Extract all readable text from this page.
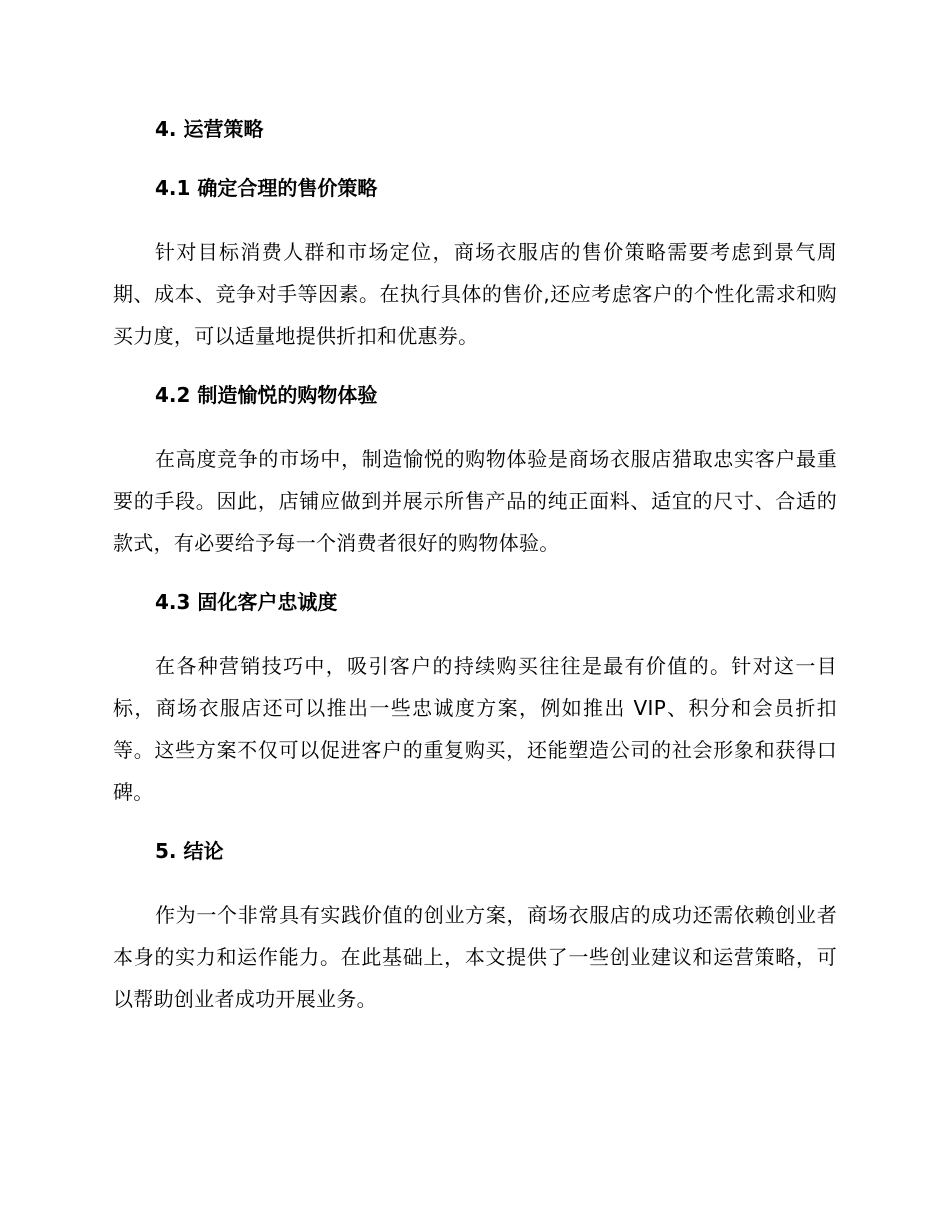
4. 运营策略
4.1 确定合理的售价策略

针对目标消费人群和市场定位，商场衣服店的售价策略需要考虑到景气周期、成本、竞争对手等因素。在执行具体的售价,还应考虑客户的个性化需求和购买力度，可以适量地提供折扣和优惠券。

4.2 制造愉悦的购物体验

在高度竞争的市场中，制造愉悦的购物体验是商场衣服店猎取忠实客户最重要的手段。因此，店铺应做到并展示所售产品的纯正面料、适宜的尺寸、合适的款式，有必要给予每一个消费者很好的购物体验。

4.3 固化客户忠诚度

在各种营销技巧中，吸引客户的持续购买往往是最有价值的。针对这一目标，商场衣服店还可以推出一些忠诚度方案，例如推出 VIP、积分和会员折扣等。这些方案不仅可以促进客户的重复购买，还能塑造公司的社会形象和获得口碑。

5. 结论

作为一个非常具有实践价值的创业方案，商场衣服店的成功还需依赖创业者本身的实力和运作能力。在此基础上，本文提供了一些创业建议和运营策略，可以帮助创业者成功开展业务。
